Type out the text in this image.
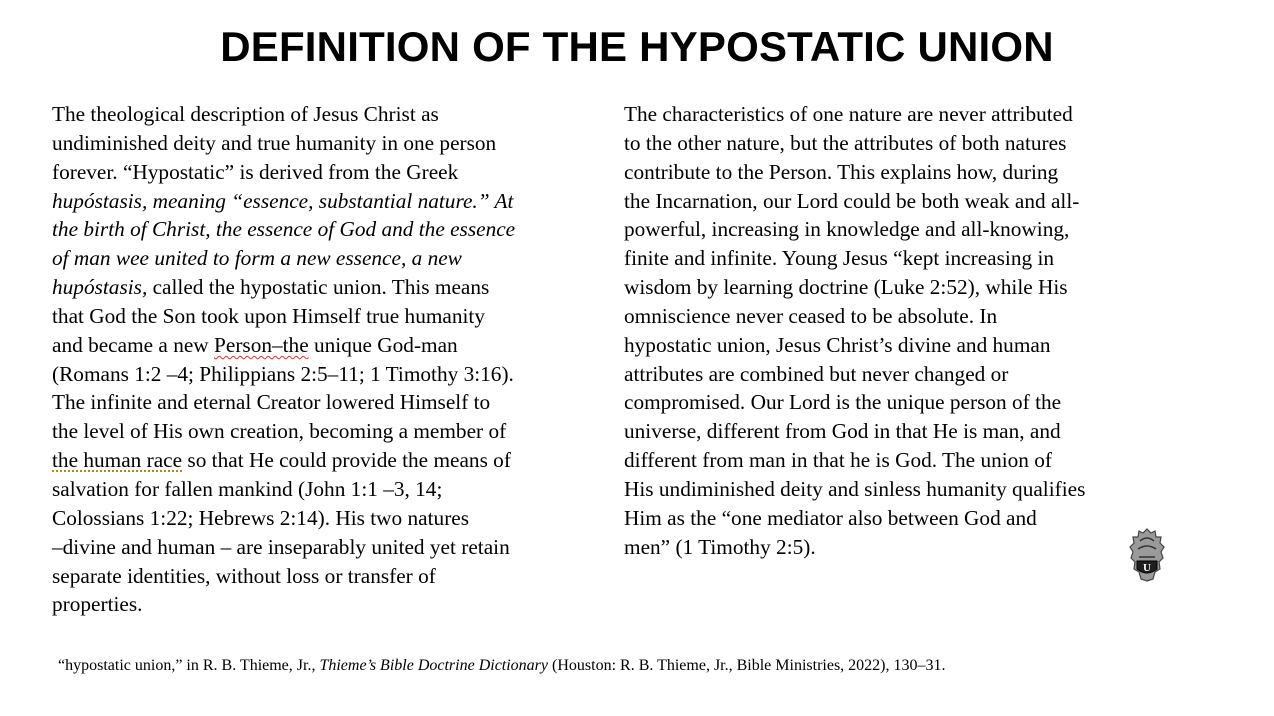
DEFINITION OF THE HYPOSTATIC UNION
The theological description of Jesus Christ as
undiminished deity and true humanity in one person
forever. “Hypostatic” is derived from the Greek
hupóstasis, meaning “essence, substantial nature.” At
the birth of Christ, the essence of God and the essence
of man wee united to form a new essence, a new
hupóstasis, called the hypostatic union. This means
that God the Son took upon Himself true humanity
and became a new Person–the unique God-man
(Romans 1:2 –4; Philippians 2:5–11; 1 Timothy 3:16).
The infinite and eternal Creator lowered Himself to
the level of His own creation, becoming a member of
the human race so that He could provide the means of
salvation for fallen mankind (John 1:1 –3, 14;
Colossians 1:22; Hebrews 2:14). His two natures
–divine and human – are inseparably united yet retain
separate identities, without loss or transfer of
properties.
The characteristics of one nature are never attributed
to the other nature, but the attributes of both natures
contribute to the Person. This explains how, during
the Incarnation, our Lord could be both weak and all-
powerful, increasing in knowledge and all-knowing,
finite and infinite. Young Jesus “kept increasing in
wisdom by learning doctrine (Luke 2:52), while His
omniscience never ceased to be absolute. In
hypostatic union, Jesus Christ’s divine and human
attributes are combined but never changed or
compromised. Our Lord is the unique person of the
universe, different from God in that He is man, and
different from man in that he is God. The union of
His undiminished deity and sinless humanity qualifies
Him as the “one mediator also between God and
men” (1 Timothy 2:5).
U
“hypostatic union,” in R. B. Thieme, Jr., Thieme’s Bible Doctrine Dictionary (Houston: R. B. Thieme, Jr., Bible Ministries, 2022), 130–31.
